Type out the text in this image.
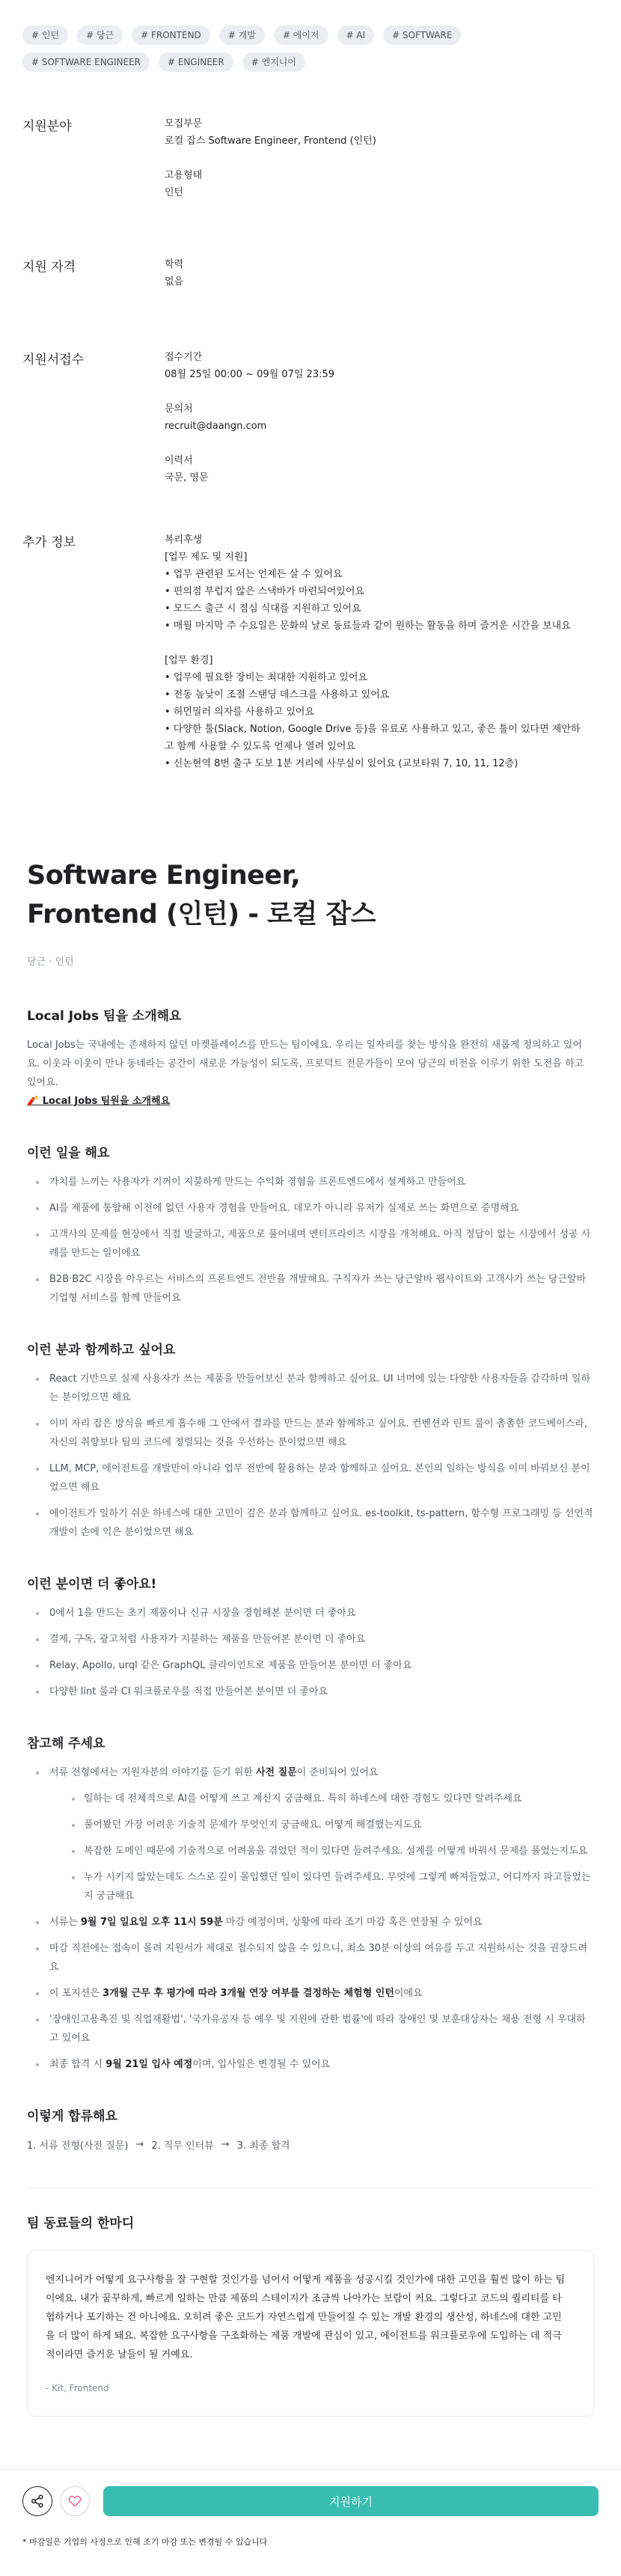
# 인턴	# 당근	# FRONTEND	# 개발	# 에이저	# AI	# SOFTWARE
# SOFTWARE ENGINEER	# ENGINEER	# 엔지니어
지원분야	모집부문
로컬 잡스 Software Engineer, Frontend (인턴)
고용형태
인턴
지원 자격	학력
없음
지원서접수	접수기간
08월 25일 00:00 ~ 09월 07일 23:59
문의처
recruit@daangn.com
이력서
국문, 영문
추가 정보	복리후생
[업무 제도 및 지원]
• 업무 관련된 도서는 언제든 살 수 있어요
• 편의점 부럽지 않은 스낵바가 마련되어있어요
• 모드스 출근 시 점심 식대를 지원하고 있어요
• 매월 마지막 주 수요일은 문화의 날로 동료들과 같이 원하는 활동을 하며 즐거운 시간을 보내요
[업무 환경]
• 업무에 필요한 장비는 최대한 지원하고 있어요
• 전동 높낮이 조절 스탠딩 데스크를 사용하고 있어요
• 허먼밀러 의자를 사용하고 있어요
• 다양한 툴(Slack, Notion, Google Drive 등)을 유료로 사용하고 있고, 좋은 툴이 있다면 제안하고 함께 사용할 수 있도록 언제나 열려 있어요
• 신논현역 8번 출구 도보 1분 거리에 사무실이 있어요 (교보타워 7, 10, 11, 12층)
Software Engineer,
Frontend (인턴) - 로컬 잡스
당근 · 인턴
Local Jobs 팀을 소개해요

Local Jobs는 국내에는 존재하지 않던 마켓플레이스를 만드는 팀이에요. 우리는 일자리를 찾는 방식을 완전히 새롭게 정의하고 있어요. 이웃과 이웃이 만나 동네라는 공간이 새로운 가능성이 되도록, 프로덕트 전문가들이 모여 당근의 비전을 이루기 위한 도전을 하고 있어요.

🧨 Local Jobs 팀원을 소개해요
이런 일을 해요
가치를 느끼는 사용자가 기꺼이 지불하게 만드는 수익화 경험을 프론트엔드에서 설계하고 만들어요
AI를 제품에 통합해 이전에 없던 사용자 경험을 만들어요. 데모가 아니라 유저가 실제로 쓰는 화면으로 증명해요
고객사의 문제를 현장에서 직접 발굴하고, 제품으로 풀어내며 엔터프라이즈 시장을 개척해요. 아직 정답이 없는 시장에서 성공 사례를 만드는 일이에요
B2B·B2C 시장을 아우르는 서비스의 프론트엔드 전반을 개발해요. 구직자가 쓰는 당근알바 웹사이트와 고객사가 쓰는 당근알바 기업형 서비스를 함께 만들어요
이런 분과 함께하고 싶어요
React 기반으로 실제 사용자가 쓰는 제품을 만들어보신 분과 함께하고 싶어요. UI 너머에 있는 다양한 사용자들을 감각하며 일하는 분이었으면 해요
이미 자리 잡은 방식을 빠르게 흡수해 그 안에서 결과를 만드는 분과 함께하고 싶어요. 컨벤션과 린트 룰이 촘촘한 코드베이스라, 자신의 취향보다 팀의 코드에 정렬되는 것을 우선하는 분이었으면 해요
LLM, MCP, 에이전트를 개발만이 아니라 업무 전반에 활용하는 분과 함께하고 싶어요. 본인의 일하는 방식을 이미 바꿔보신 분이었으면 해요
에이전트가 일하기 쉬운 하네스에 대한 고민이 깊은 분과 함께하고 싶어요. es-toolkit, ts-pattern, 함수형 프로그래밍 등 선언적 개발이 손에 익은 분이었으면 해요
이런 분이면 더 좋아요!
0에서 1을 만드는 초기 제품이나 신규 시장을 경험해본 분이면 더 좋아요
결제, 구독, 광고처럼 사용자가 지불하는 제품을 만들어본 분이면 더 좋아요
Relay, Apollo, urql 같은 GraphQL 클라이언트로 제품을 만들어본 분이면 더 좋아요
다양한 lint 룰과 CI 워크플로우를 직접 만들어본 분이면 더 좋아요
참고해 주세요
서류 전형에서는 지원자분의 이야기를 듣기 위한 사전 질문이 준비되어 있어요
일하는 데 전체적으로 AI를 어떻게 쓰고 계신지 궁금해요. 특히 하네스에 대한 경험도 있다면 알려주세요
풀어봤던 가장 어려운 기술적 문제가 무엇인지 궁금해요. 어떻게 해결했는지도요
복잡한 도메인 때문에 기술적으로 어려움을 겪었던 적이 있다면 들려주세요. 설계를 어떻게 바꿔서 문제를 풀었는지도요
누가 시키지 않았는데도 스스로 깊이 몰입했던 일이 있다면 들려주세요. 무엇에 그렇게 빠져들었고, 어디까지 파고들었는지 궁금해요
서류는 9월 7일 일요일 오후 11시 59분 마감 예정이며, 상황에 따라 조기 마감 혹은 연장될 수 있어요
마감 직전에는 접속이 몰려 지원서가 제대로 접수되지 않을 수 있으니, 최소 30분 이상의 여유를 두고 지원하시는 것을 권장드려요
이 포지션은 3개월 근무 후 평가에 따라 3개월 연장 여부를 결정하는 체험형 인턴이에요
'장애인고용촉진 및 직업재활법', '국가유공자 등 예우 및 지원에 관한 법률'에 따라 장애인 및 보훈대상자는 채용 전형 시 우대하고 있어요
최종 합격 시 9월 21일 입사 예정이며, 입사일은 변경될 수 있어요
이렇게 합류해요
1. 서류 전형(사전 질문) → 2. 직무 인터뷰 → 3. 최종 합격
팀 동료들의 한마디
엔지니어가 어떻게 요구사항을 잘 구현할 것인가를 넘어서 어떻게 제품을 성공시킬 것인가에 대한 고민을 훨씬 많이 하는 팀이에요. 내가 꿈꾸하게, 빠르게 일하는 만큼 제품의 스테이지가 조금씩 나아가는 보람이 커요. 그렇다고 코드의 퀄리티를 타협하거나 포기하는 건 아니에요. 오히려 좋은 코드가 자연스럽게 만들어질 수 있는 개발 환경의 생산성, 하네스에 대한 고민을 더 많이 하게 돼요. 복잡한 요구사항을 구조화하는 제품 개발에 관심이 있고, 에이전트를 워크플로우에 도입하는 데 적극적이라면 즐거운 날들이 될 거예요.
- Kit, Frontend
지원하기
* 마감일은 기업의 사정으로 인해 조기 마감 또는 변경될 수 있습니다
